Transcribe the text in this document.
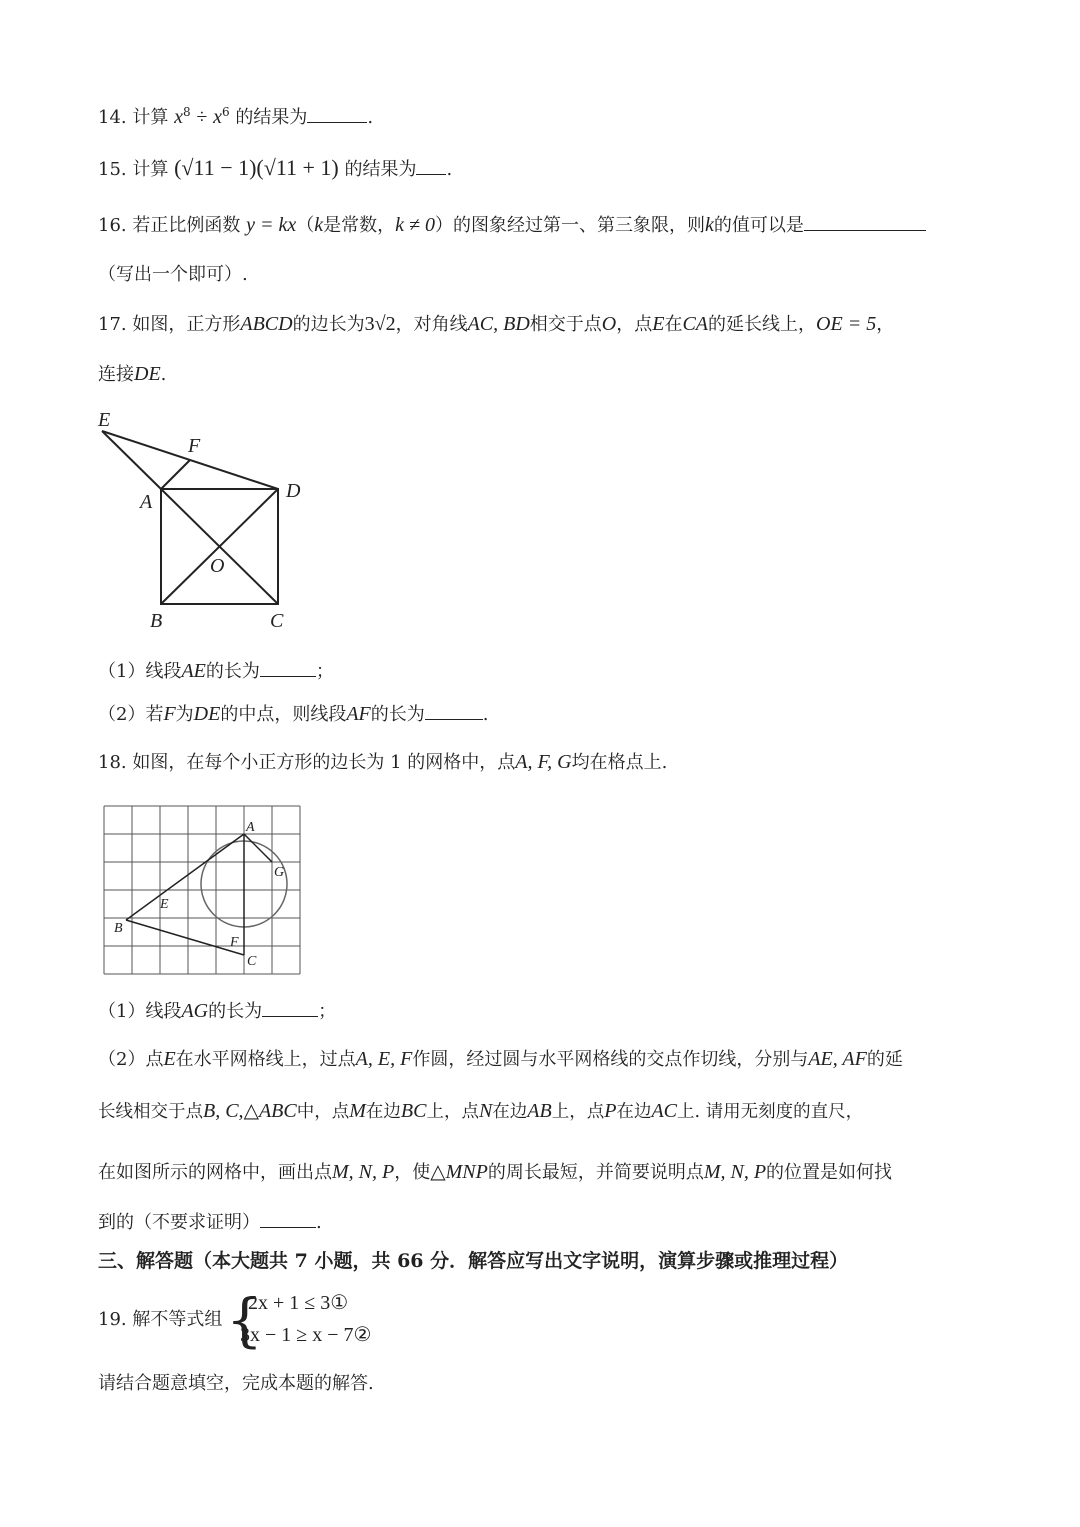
14. 计算 $x^8 \div x^6$ 的结果为	.
15. 计算 (√11 − 1)(√11 + 1) 的结果为 .
16. 若正比例函数 y = kx（k是常数，k ≠ 0）的图象经过第一、第三象限，则k的值可以是
（写出一个即可）.
17. 如图，正方形ABCD的边长为3√2，对角线AC, BD相交于点O，点E在CA的延长线上，OE = 5，
连接DE.
E
F
A	D
O
B	C
（1）线段AE的长为	；
（2）若F为DE的中点，则线段AF的长为	.
18. 如图，在每个小正方形的边长为 1 的网格中，点A, F, G均在格点上.
A
G
E
B
F
C
（1）线段AG的长为	；
（2）点E在水平网格线上，过点A, E, F作圆，经过圆与水平网格线的交点作切线，分别与AE, AF的延
长线相交于点B, C,△ABC中，点M在边BC上，点N在边AB上，点P在边AC上. 请用无刻度的直尺，
在如图所示的网格中，画出点M, N, P，使△MNP的周长最短，并简要说明点M, N, P的位置是如何找
到的（不要求证明）	.
三、解答题（本大题共 7 小题，共 66 分．解答应写出文字说明，演算步骤或推理过程）
19. 解不等式组 {
2x + 1 ≤ 3①
3x − 1 ≥ x − 7②
请结合题意填空，完成本题的解答.
